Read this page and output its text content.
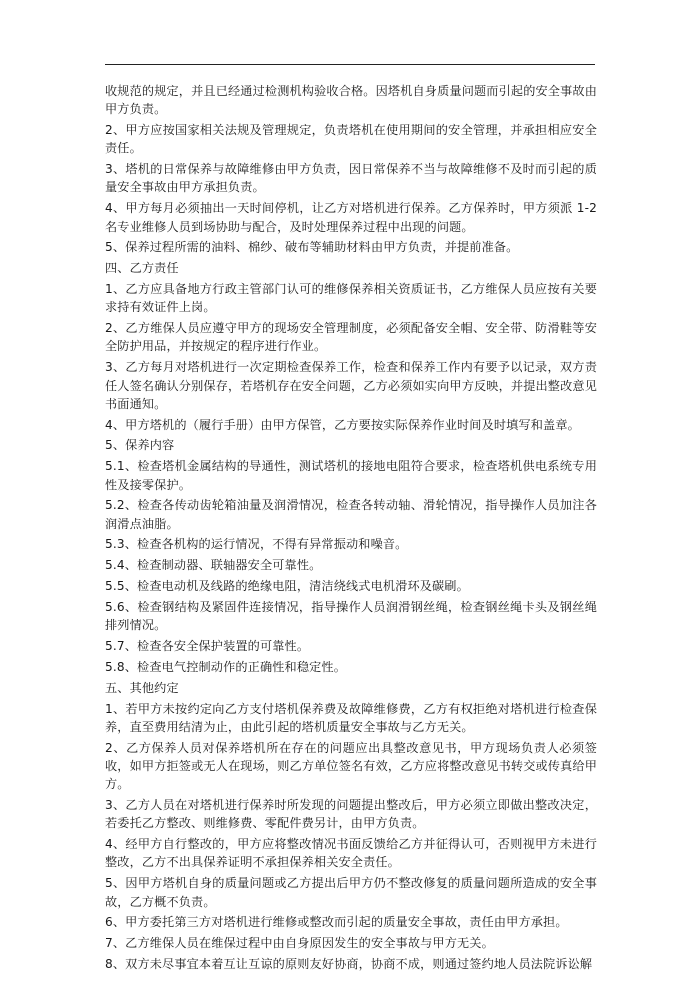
收规范的规定，并且已经通过检测机构验收合格。因塔机自身质量问题而引起的安全事故由甲方负责。

2、甲方应按国家相关法规及管理规定，负责塔机在使用期间的安全管理，并承担相应安全责任。

3、塔机的日常保养与故障维修由甲方负责，因日常保养不当与故障维修不及时而引起的质量安全事故由甲方承担负责。

4、甲方每月必须抽出一天时间停机，让乙方对塔机进行保养。乙方保养时，甲方须派 1-2名专业维修人员到场协助与配合，及时处理保养过程中出现的问题。

5、保养过程所需的油料、棉纱、破布等辅助材料由甲方负责，并提前准备。

四、乙方责任

1、乙方应具备地方行政主管部门认可的维修保养相关资质证书，乙方维保人员应按有关要求持有效证件上岗。

2、乙方维保人员应遵守甲方的现场安全管理制度，必须配备安全帽、安全带、防滑鞋等安全防护用品，并按规定的程序进行作业。

3、乙方每月对塔机进行一次定期检查保养工作，检查和保养工作内有要予以记录，双方责任人签名确认分别保存，若塔机存在安全问题，乙方必须如实向甲方反映，并提出整改意见书面通知。

4、甲方塔机的（履行手册）由甲方保管，乙方要按实际保养作业时间及时填写和盖章。

5、保养内容

5.1、检查塔机金属结构的导通性，测试塔机的接地电阻符合要求，检查塔机供电系统专用性及接零保护。

5.2、检查各传动齿轮箱油量及润滑情况，检查各转动轴、滑轮情况，指导操作人员加注各润滑点油脂。

5.3、检查各机构的运行情况，不得有异常振动和噪音。

5.4、检查制动器、联轴器安全可靠性。

5.5、检查电动机及线路的绝缘电阻，清洁绕线式电机滑环及碳刷。

5.6、检查钢结构及紧固件连接情况，指导操作人员润滑钢丝绳，检查钢丝绳卡头及钢丝绳排列情况。

5.7、检查各安全保护装置的可靠性。

5.8、检查电气控制动作的正确性和稳定性。

五、其他约定

1、若甲方未按约定向乙方支付塔机保养费及故障维修费，乙方有权拒绝对塔机进行检查保养，直至费用结清为止，由此引起的塔机质量安全事故与乙方无关。

2、乙方保养人员对保养塔机所在存在的问题应出具整改意见书，甲方现场负责人必须签收，如甲方拒签或无人在现场，则乙方单位签名有效，乙方应将整改意见书转交或传真给甲方。

3、乙方人员在对塔机进行保养时所发现的问题提出整改后，甲方必须立即做出整改决定，若委托乙方整改、则维修费、零配件费另计，由甲方负责。

4、经甲方自行整改的，甲方应将整改情况书面反馈给乙方并征得认可，否则视甲方未进行整改，乙方不出具保养证明不承担保养相关安全责任。

5、因甲方塔机自身的质量问题或乙方提出后甲方仍不整改修复的质量问题所造成的安全事故，乙方概不负责。

6、甲方委托第三方对塔机进行维修或整改而引起的质量安全事故，责任由甲方承担。

7、乙方维保人员在维保过程中由自身原因发生的安全事故与甲方无关。

8、双方未尽事宜本着互让互谅的原则友好协商，协商不成，则通过签约地人员法院诉讼解
